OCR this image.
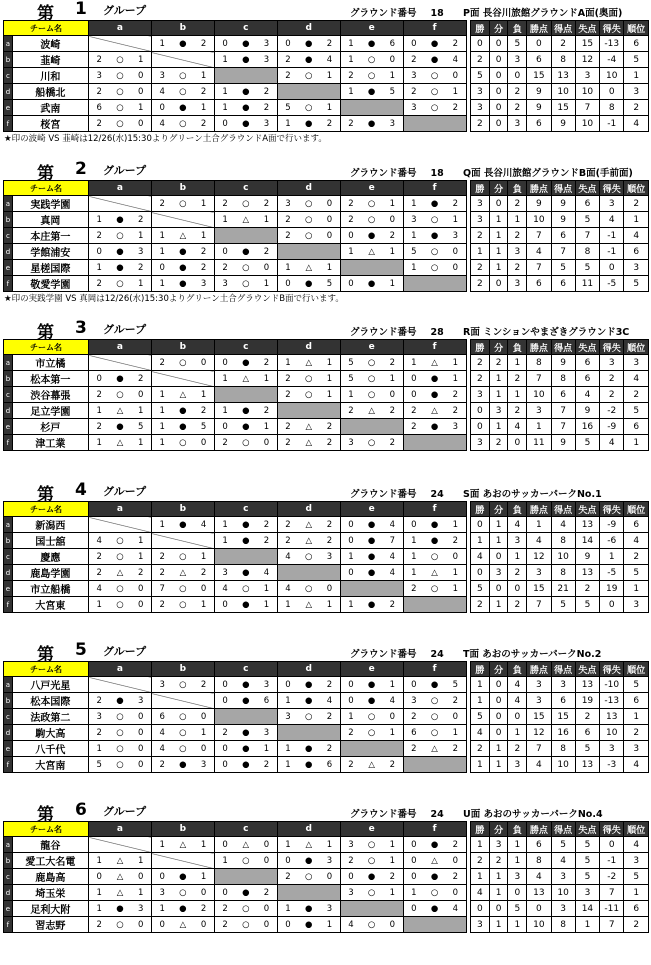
第 1 グループ	グラウンド番号 18 P面 長谷川旅館グラウンドA面(奥面)
チーム名		a			b			c			d			e			f				勝	分	負	勝点	得点	失点	得失	順位
a	波崎				1	●	2	0	●	3	0	●	2	1	●	6	0	●	2		0	0	5	0	2	15	-13	6
b	韮崎	2	○	1				1	●	3	2	●	4	1	○	0	2	●	4		2	0	3	6	8	12	-4	5
c	川和	3	○	0	3	○	1				2	○	1	2	○	1	3	○	0		5	0	0	15	13	3	10	1
d	船橋北	2	○	0	4	○	2	1	●	2				1	●	5	2	○	1		3	0	2	9	10	10	0	3
e	武南	6	○	1	0	●	1	1	●	2	5	○	1				3	○	2		3	0	2	9	15	7	8	2
f	桜宮	2	○	0	4	○	2	0	●	3	1	●	2	2	●	3					2	0	3	6	9	10	-1	4
★印の波崎 VS 韮崎は12/26(水)15:30よりグリーン土合グラウンドA面で行います。
第 2 グループ	グラウンド番号 18 Q面 長谷川旅館グラウンドB面(手前面)
チーム名		a			b			c			d			e			f				勝	分	負	勝点	得点	失点	得失	順位
a	実践学園				2	○	1	2	○	2	3	○	0	2	○	1	1	●	2		3	0	2	9	9	6	3	2
b	真岡	1	●	2				1	△	1	2	○	0	2	○	0	3	○	1		3	1	1	10	9	5	4	1
c	本庄第一	2	○	1	1	△	1				2	○	0	0	●	2	1	●	3		2	1	2	7	6	7	-1	4
d	学館浦安	0	●	3	1	●	2	0	●	2				1	△	1	5	○	0		1	1	3	4	7	8	-1	6
e	星槎国際	1	●	2	0	●	2	2	○	0	1	△	1				1	○	0		2	1	2	7	5	5	0	3
f	敬愛学園	2	○	1	1	●	3	3	○	1	0	●	5	0	●	1					2	0	3	6	6	11	-5	5
★印の実践学園 VS 真岡は12/26(水)15:30よりグリーン土合グラウンドB面で行います。
第 3 グループ	グラウンド番号 28 R面 ミンションやまざきグラウンド3C
チーム名		a			b			c			d			e			f				勝	分	負	勝点	得点	失点	得失	順位
a	市立橘				2	○	0	0	●	2	1	△	1	5	○	2	1	△	1		2	2	1	8	9	6	3	3
b	松本第一	0	●	2				1	△	1	2	○	1	5	○	1	0	●	1		2	1	2	7	8	6	2	4
c	渋谷幕張	2	○	0	1	△	1				2	○	1	1	○	0	0	●	2		3	1	1	10	6	4	2	2
d	足立学園	1	△	1	1	●	2	1	●	2				2	△	2	2	△	2		0	3	2	3	7	9	-2	5
e	杉戸	2	●	5	1	●	5	0	●	1	2	△	2				2	●	3		0	1	4	1	7	16	-9	6
f	津工業	1	△	1	1	○	0	2	○	0	2	△	2	3	○	2					3	2	0	11	9	5	4	1
第 4 グループ	グラウンド番号 24 S面 あおのサッカーパークNo.1
チーム名		a			b			c			d			e			f				勝	分	負	勝点	得点	失点	得失	順位
a	新潟西				1	●	4	1	●	2	2	△	2	0	●	4	0	●	1		0	1	4	1	4	13	-9	6
b	国士舘	4	○	1				1	●	2	2	△	2	0	●	7	1	●	2		1	1	3	4	8	14	-6	4
c	慶應	2	○	1	2	○	1				4	○	3	1	●	4	1	○	0		4	0	1	12	10	9	1	2
d	鹿島学園	2	△	2	2	△	2	3	●	4				0	●	4	1	△	1		0	3	2	3	8	13	-5	5
e	市立船橋	4	○	0	7	○	0	4	○	1	4	○	0				2	○	1		5	0	0	15	21	2	19	1
f	大宮東	1	○	0	2	○	1	0	●	1	1	△	1	1	●	2					2	1	2	7	5	5	0	3
第 5 グループ	グラウンド番号 24 T面 あおのサッカーパークNo.2
チーム名		a			b			c			d			e			f				勝	分	負	勝点	得点	失点	得失	順位
a	八戸光星				3	○	2	0	●	3	0	●	2	0	●	1	0	●	5		1	0	4	3	3	13	-10	5
b	松本国際	2	●	3				0	●	6	1	●	4	0	●	4	3	○	2		1	0	4	3	6	19	-13	6
c	法政第二	3	○	0	6	○	0				3	○	2	1	○	0	2	○	0		5	0	0	15	15	2	13	1
d	駒大高	2	○	0	4	○	1	2	●	3				2	○	1	6	○	1		4	0	1	12	16	6	10	2
e	八千代	1	○	0	4	○	0	0	●	1	1	●	2				2	△	2		2	1	2	7	8	5	3	3
f	大宮南	5	○	0	2	●	3	0	●	2	1	●	6	2	△	2					1	1	3	4	10	13	-3	4
第 6 グループ	グラウンド番号 24 U面 あおのサッカーパークNo.4
チーム名		a			b			c			d			e			f				勝	分	負	勝点	得点	失点	得失	順位
a	龍谷				1	△	1	0	△	0	1	△	1	3	○	1	0	●	2		1	3	1	6	5	5	0	4
b	愛工大名電	1	△	1				1	○	0	0	●	3	2	○	1	0	△	0		2	2	1	8	4	5	-1	3
c	鹿島高	0	△	0	0	●	1				2	○	0	0	●	2	0	●	2		1	1	3	4	3	5	-2	5
d	埼玉栄	1	△	1	3	○	0	0	●	2				3	○	1	1	○	0		4	1	0	13	10	3	7	1
e	足利大附	1	●	3	1	●	2	2	○	0	1	●	3				0	●	4		0	0	5	0	3	14	-11	6
f	習志野	2	○	0	0	△	0	2	○	0	0	●	1	4	○	0					3	1	1	10	8	1	7	2
